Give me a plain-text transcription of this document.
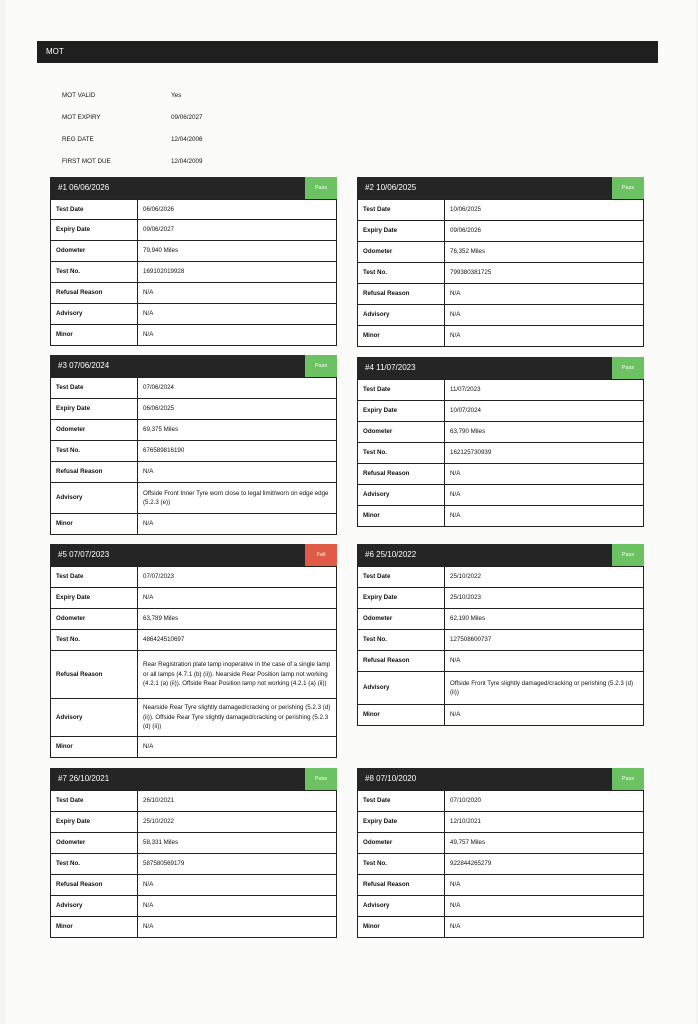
MOT
MOT VALID	Yes
MOT EXPIRY	09/06/2027
REG DATE	12/04/2006
FIRST MOT DUE	12/04/2009
#1 06/06/2026	Pass
Test Date	06/06/2026
Expiry Date	09/06/2027
Odometer	79,940 Miles
Test No.	169102019928
Refusal Reason	N/A
Advisory	N/A
Minor	N/A
#2 10/06/2025	Pass
Test Date	10/06/2025
Expiry Date	09/06/2026
Odometer	76,352 Miles
Test No.	799380381725
Refusal Reason	N/A
Advisory	N/A
Minor	N/A
#3 07/06/2024	Pass
Test Date	07/06/2024
Expiry Date	06/06/2025
Odometer	69,375 Miles
Test No.	676589816190
Refusal Reason	N/A
Advisory	Offside Front Inner Tyre worn close to legal limit/worn on edge edge (5.2.3 (e))
Minor	N/A
#4 11/07/2023	Pass
Test Date	11/07/2023
Expiry Date	10/07/2024
Odometer	63,790 Miles
Test No.	162125730939
Refusal Reason	N/A
Advisory	N/A
Minor	N/A
#5 07/07/2023	Fail
Test Date	07/07/2023
Expiry Date	N/A
Odometer	63,789 Miles
Test No.	486424510697
Refusal Reason	Rear Registration plate lamp inoperative in the case of a single lamp or all lamps (4.7.1 (b) (ii)). Nearside Rear Position lamp not working (4.2.1 (a) (ii)). Offside Rear Position lamp not working (4.2.1 (a) (ii))
Advisory	Nearside Rear Tyre slightly damaged/cracking or perishing (5.2.3 (d) (ii)). Offside Rear Tyre slightly damaged/cracking or perishing (5.2.3 (d) (ii))
Minor	N/A
#6 25/10/2022	Pass
Test Date	25/10/2022
Expiry Date	25/10/2023
Odometer	62,190 Miles
Test No.	127508600737
Refusal Reason	N/A
Advisory	Offside Front Tyre slightly damaged/cracking or perishing (5.2.3 (d) (ii))
Minor	N/A
#7 26/10/2021	Pass
Test Date	26/10/2021
Expiry Date	25/10/2022
Odometer	58,331 Miles
Test No.	587580569179
Refusal Reason	N/A
Advisory	N/A
Minor	N/A
#8 07/10/2020	Pass
Test Date	07/10/2020
Expiry Date	12/10/2021
Odometer	49,757 Miles
Test No.	922844265279
Refusal Reason	N/A
Advisory	N/A
Minor	N/A
